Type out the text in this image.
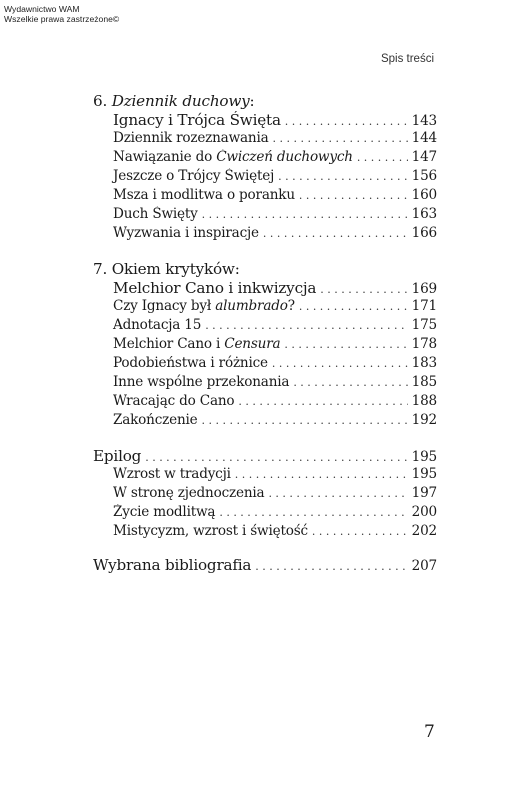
Wydawnictwo WAM
Wszelkie prawa zastrzeżone©
Spis treści
6.
Dziennik duchowy :
Ignacy i Trójca Święta . . .	143
Dziennik rozeznawania . . .	144
Nawiązanie do Ćwiczeń duchowych . . .	147
Jeszcze o Trójcy Świętej . . .	156
Msza i modlitwa o poranku . . .	160
Duch Święty . . .	163
Wyzwania i inspiracje . . .	166
7. Okiem krytyków:
Melchior Cano i inkwizycja . . .	169
Czy Ignacy był alumbrado? . . .	171
Adnotacja 15 . . .	175
Melchior Cano i Censura . . .	178
Podobieństwa i różnice . . .	183
Inne wspólne przekonania . . .	185
Wracając do Cano . . .	188
Zakończenie . . .	192
Epilog . . .	195
Wzrost w tradycji . . .	195
W stronę zjednoczenia . . .	197
Życie modlitwą . . .	200
Mistycyzm, wzrost i świętość . . .	202
Wybrana bibliografia . . .	207
7
